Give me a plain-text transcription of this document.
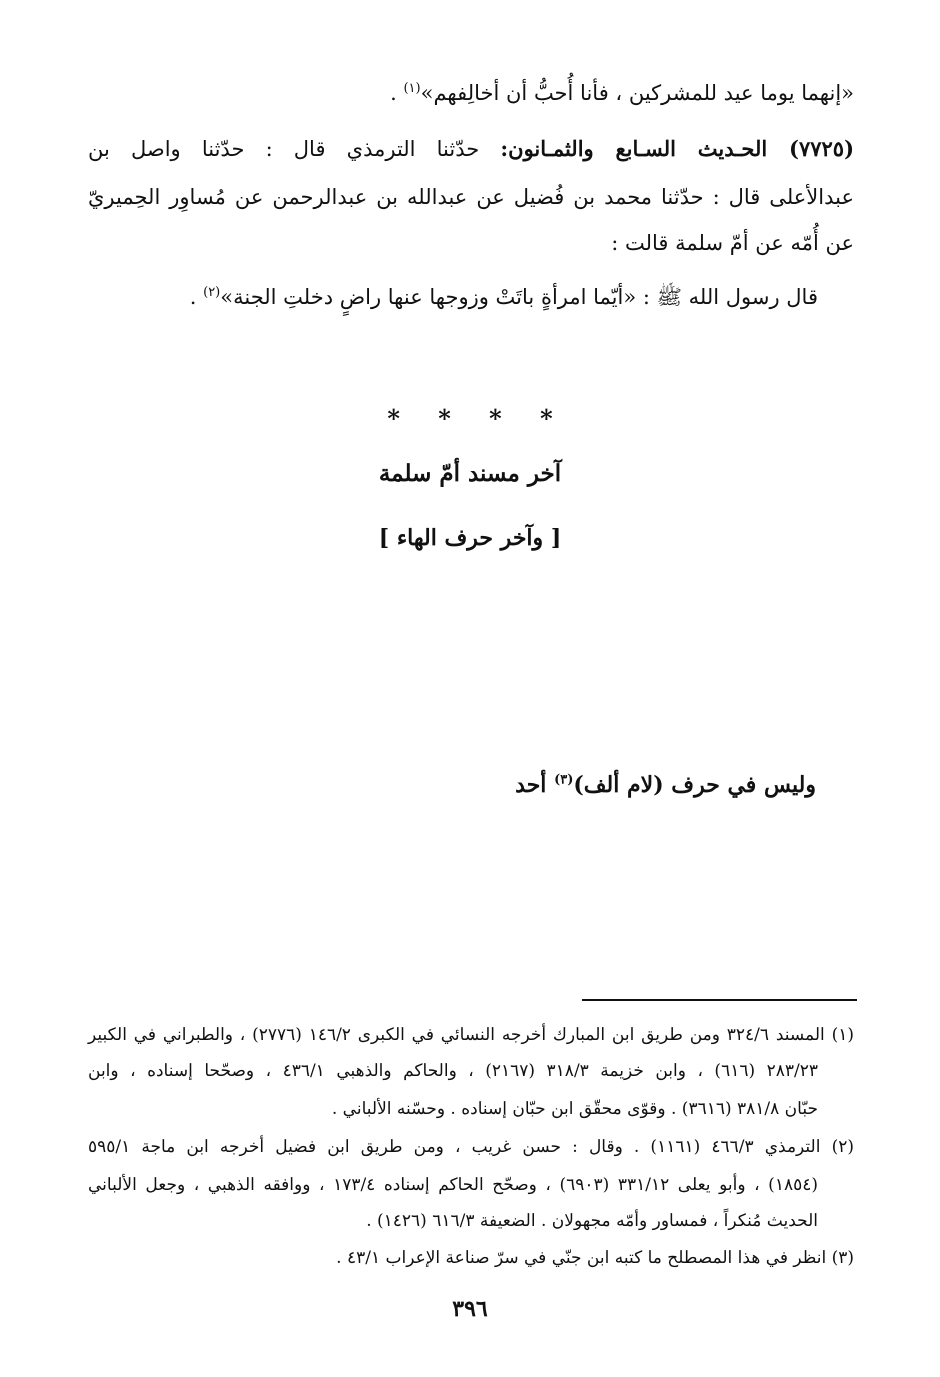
«إنهما يوما عيد للمشركين ، فأنا أُحبُّ أن أخالِفهم»$^{(١)}$ .
(٧٧٢٥) الحـديث السـابع والثمـانون: حدّثنا الترمذي قال : حدّثنا واصل بن
عبدالأعلى قال : حدّثنا محمد بن فُضيل عن عبدالله بن عبدالرحمن عن مُساوِر الحِميريّ
عن أُمّه عن أمّ سلمة قالت :
قال رسول الله ﷺ : «أيّما امرأةٍ باتَتْ وزوجها عنها راضٍ دخلتِ الجنة»$^{(٢)}$ .
* * * *
آخر مسند أمّ سلمة
[ وآخر حرف الهاء ]
وليس في حرف (لام ألف)$^{(٣)}$ أحد
(١) المسند ٣٢٤/٦ ومن طريق ابن المبارك أخرجه النسائي في الكبرى ١٤٦/٢ (٢٧٧٦) ، والطبراني في الكبير
٢٨٣/٢٣ (٦١٦) ، وابن خزيمة ٣١٨/٣ (٢١٦٧) ، والحاكم والذهبي ٤٣٦/١ ، وصحّحا إسناده ، وابن
حبّان ٣٨١/٨ (٣٦١٦) . وقوّى محقّق ابن حبّان إسناده . وحسّنه الألباني .
(٢) الترمذي ٤٦٦/٣ (١١٦١) . وقال : حسن غريب ، ومن طريق ابن فضيل أخرجه ابن ماجة ٥٩٥/١
(١٨٥٤) ، وأبو يعلى ٣٣١/١٢ (٦٩٠٣) ، وصحّح الحاكم إسناده ١٧٣/٤ ، ووافقه الذهبي ، وجعل الألباني
الحديث مُنكراً ، فمساور وأمّه مجهولان . الضعيفة ٦١٦/٣ (١٤٢٦) .
(٣) انظر في هذا المصطلح ما كتبه ابن جنّي في سرّ صناعة الإعراب ٤٣/١ .
٣٩٦
